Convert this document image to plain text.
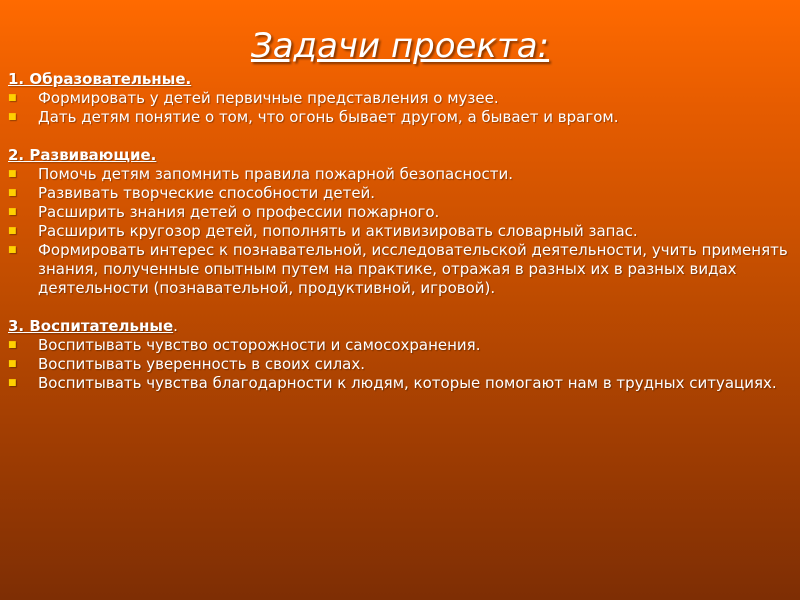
Задачи проекта:
1. Образовательные.
■	Формировать у детей первичные представления о музее.
■	Дать детям понятие о том, что огонь бывает другом, а бывает и врагом.
2. Развивающие.
■	Помочь детям запомнить правила пожарной безопасности.
■	Развивать творческие способности детей.
■	Расширить знания детей о профессии пожарного.
■	Расширить кругозор детей, пополнять и активизировать словарный запас.
■	Формировать интерес к познавательной, исследовательской деятельности, учить применять знания, полученные опытным путем на практике, отражая в разных их в разных видах деятельности (познавательной, продуктивной, игровой).
3. Воспитательные.
■	Воспитывать чувство осторожности и самосохранения.
■	Воспитывать уверенность в своих силах.
■	Воспитывать чувства благодарности к людям, которые помогают нам в трудных ситуациях.
